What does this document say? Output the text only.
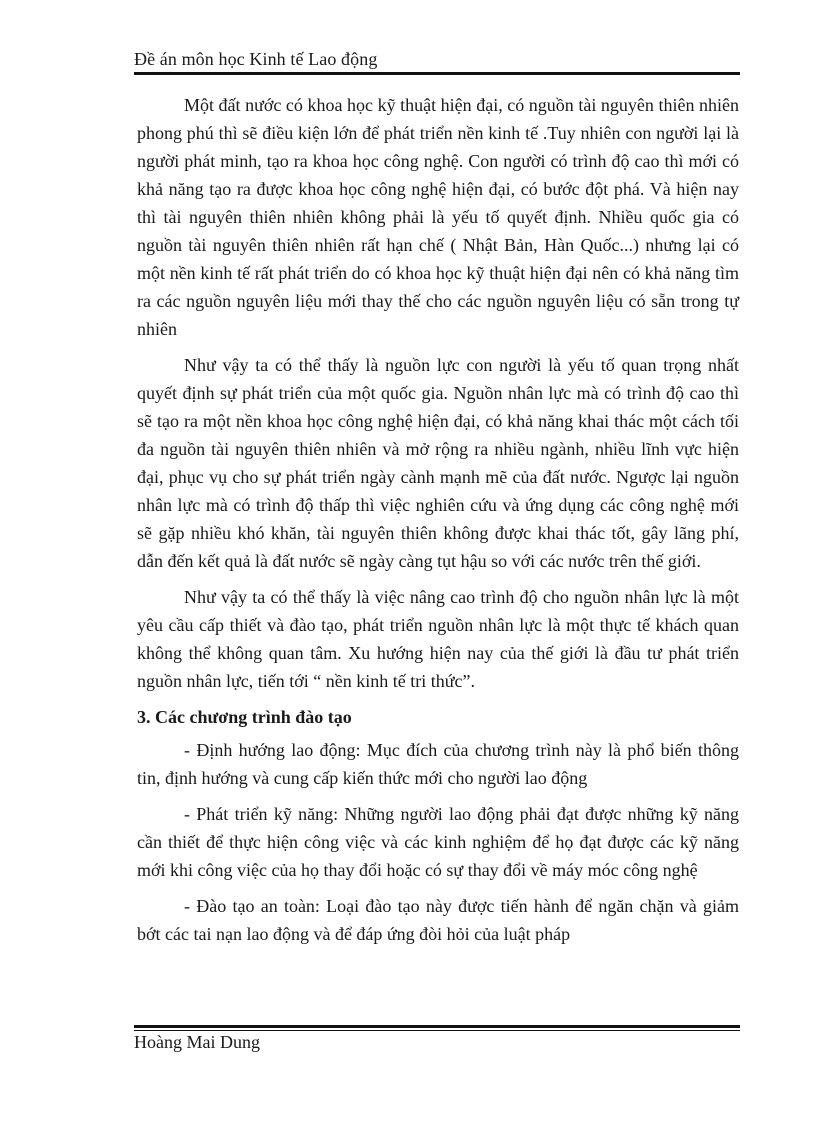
Đề án môn học Kinh tế Lao động

Một đất nước có khoa học kỹ thuật hiện đại, có nguồn tài nguyên thiên nhiên phong phú thì sẽ điều kiện lớn để phát triển nền kinh tế .Tuy nhiên con người lại là người phát minh, tạo ra khoa học công nghệ. Con người có trình độ cao thì mới có khả năng tạo ra được khoa học công nghệ hiện đại, có bước đột phá. Và hiện nay thì tài nguyên thiên nhiên không phải là yếu tố quyết định. Nhiều quốc gia có nguồn tài nguyên thiên nhiên rất hạn chế ( Nhật Bản, Hàn Quốc...) nhưng lại có một nền kinh tế rất phát triển do có khoa học kỹ thuật hiện đại nên có khả năng tìm ra các nguồn nguyên liệu mới thay thế cho các nguồn nguyên liệu có sẵn trong tự nhiên

Như vậy ta có thể thấy là nguồn lực con người là yếu tố quan trọng nhất quyết định sự phát triển của một quốc gia. Nguồn nhân lực mà có trình độ cao thì sẽ tạo ra một nền khoa học công nghệ hiện đại, có khả năng khai thác một cách tối đa nguồn tài nguyên thiên nhiên và mở rộng ra nhiều ngành, nhiều lĩnh vực hiện đại, phục vụ cho sự phát triển ngày cành mạnh mẽ của đất nước. Ngược lại nguồn nhân lực mà có trình độ thấp thì việc nghiên cứu và ứng dụng các công nghệ mới sẽ gặp nhiều khó khăn, tài nguyên thiên không được khai thác tốt, gây lãng phí, dẫn đến kết quả là đất nước sẽ ngày càng tụt hậu so với các nước trên thế giới.

Như vậy ta có thể thấy là việc nâng cao trình độ cho nguồn nhân lực là một yêu cầu cấp thiết và đào tạo, phát triển nguồn nhân lực là một thực tế khách quan không thể không quan tâm. Xu hướng hiện nay của thế giới là đầu tư phát triển nguồn nhân lực, tiến tới “ nền kinh tế tri thức”.

3. Các chương trình đào tạo

- Định hướng lao động: Mục đích của chương trình này là phổ biến thông tin, định hướng và cung cấp kiến thức mới cho người lao động

- Phát triển kỹ năng: Những người lao động phải đạt được những kỹ năng cần thiết để thực hiện công việc và các kinh nghiệm để họ đạt được các kỹ năng mới khi công việc của họ thay đổi hoặc có sự thay đổi về máy móc công nghệ

- Đào tạo an toàn: Loại đào tạo này được tiến hành để ngăn chặn và giảm bớt các tai nạn lao động và để đáp ứng đòi hỏi của luật pháp

Hoàng Mai Dung
